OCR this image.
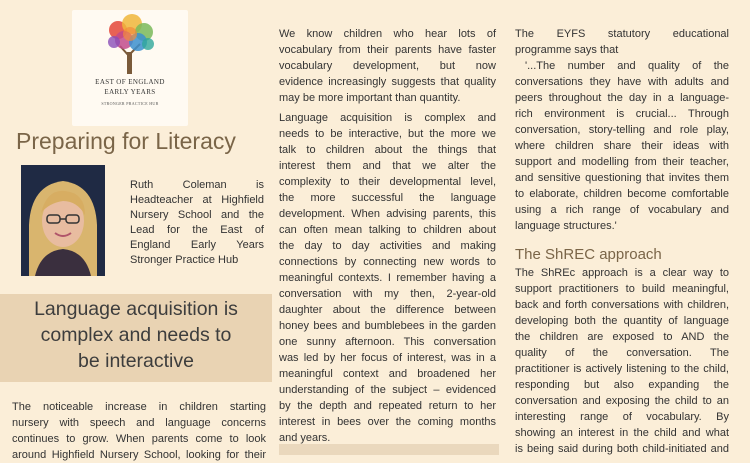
EAST OF ENGLAND
EARLY YEARS
STRONGER PRACTICE HUB
Preparing for Literacy
Ruth Coleman is
Headteacher at Highfield
Nursery School and the
Lead for the East of
England Early Years
Stronger Practice Hub
Language acquisition is
complex and needs to
be interactive
The noticeable increase in children starting
nursery with speech and language concerns
continues to grow. When parents come to look
around Highfield Nursery School, looking for their
We know children who hear lots of
vocabulary from their parents have faster
vocabulary development, but now
evidence increasingly suggests that quality
may be more important than quantity.
Language acquisition is complex and
needs to be interactive, but the more we
talk to children about the things that
interest them and that we alter the
complexity to their developmental level,
the more successful the language
development. When advising parents, this
can often mean talking to children about
the day to day activities and making
connections by connecting new words to
meaningful contexts. I remember having a
conversation with my then, 2-year-old
daughter about the difference between
honey bees and bumblebees in the garden
one sunny afternoon. This conversation
was led by her focus of interest, was in a
meaningful context and broadened her
understanding of the subject – evidenced
by the depth and repeated return to her
interest in bees over the coming months
and years.
The EYFS statutory educational
programme says that
'...The number and quality of the
conversations they have with adults and
peers throughout the day in a language-
rich environment is crucial... Through
conversation, story-telling and role play,
where children share their ideas with
support and modelling from their teacher,
and sensitive questioning that invites them
to elaborate, children become comfortable
using a rich range of vocabulary and
language structures.'
The ShREC approach
The ShREc approach is a clear way to
support practitioners to build meaningful,
back and forth conversations with children,
developing both the quantity of language
the children are exposed to AND the
quality of the conversation. The
practitioner is actively listening to the child,
responding but also expanding the
conversation and exposing the child to an
interesting range of vocabulary. By
showing an interest in the child and what
is being said during both child-initiated and
